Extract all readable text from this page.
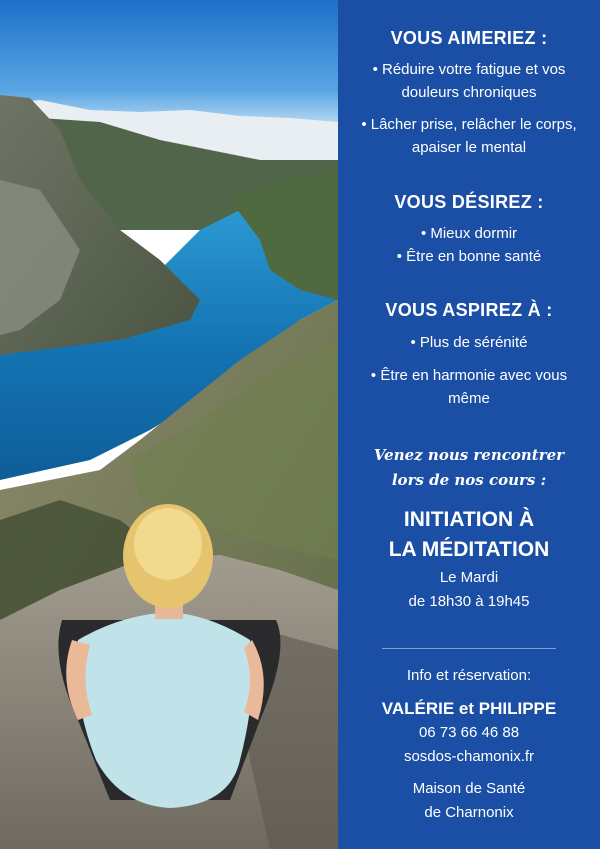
VOUS AIMERIEZ :
• Réduire votre fatigue et vos douleurs chroniques
• Lâcher prise, relâcher le corps, apaiser le mental
VOUS DÉSIREZ :
• Mieux dormir
• Être en bonne santé
VOUS ASPIREZ À :
• Plus de sérénité
• Être en harmonie avec vous même
Venez nous rencontrer
lors de nos cours :
INITIATION À
LA MÉDITATION
Le Mardi
de 18h30 à 19h45
Info et réservation:
VALÉRIE et PHILIPPE
06 73 66 46 88
sosdos-chamonix.fr
Maison de Santé
de Charnonix
